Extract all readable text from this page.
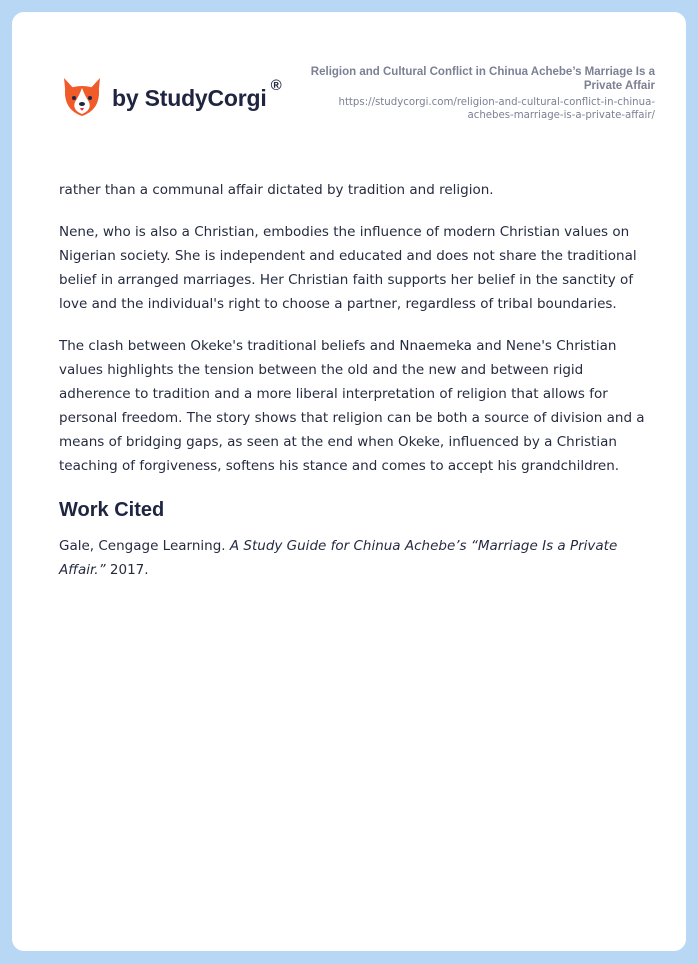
by StudyCorgi ®
Religion and Cultural Conflict in Chinua Achebe’s Marriage Is a Private Affair
https://studycorgi.com/religion-and-cultural-conflict-in-chinua-achebes-marriage-is-a-private-affair/

rather than a communal affair dictated by tradition and religion.

Nene, who is also a Christian, embodies the influence of modern Christian values on Nigerian society. She is independent and educated and does not share the traditional belief in arranged marriages. Her Christian faith supports her belief in the sanctity of love and the individual's right to choose a partner, regardless of tribal boundaries.

The clash between Okeke's traditional beliefs and Nnaemeka and Nene's Christian values highlights the tension between the old and the new and between rigid adherence to tradition and a more liberal interpretation of religion that allows for personal freedom. The story shows that religion can be both a source of division and a means of bridging gaps, as seen at the end when Okeke, influenced by a Christian teaching of forgiveness, softens his stance and comes to accept his grandchildren.

Work Cited

Gale, Cengage Learning. A Study Guide for Chinua Achebe’s “Marriage Is a Private Affair.” 2017.
